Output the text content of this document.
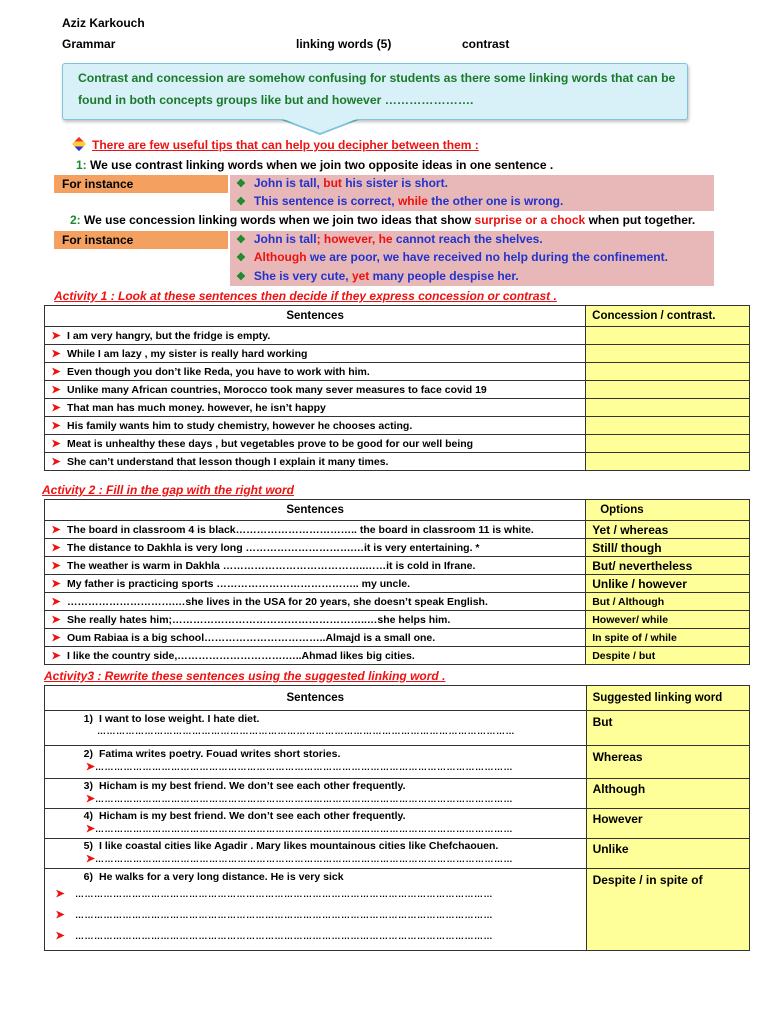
Aziz Karkouch
Grammar	linking words (5)	contrast
Contrast and concession are somehow confusing for students as there some linking words that can be found in both concepts groups like but and however ………………….
There are few useful tips that can help you decipher between them :
1: We use contrast linking words when we join two opposite ideas in one sentence .
For instance	❖ John is tall, but his sister is short.
❖ This sentence is correct, while the other one is wrong.
2: We use concession linking words when we join two ideas that show surprise or a chock when put together.
For instance	❖ John is tall; however, he cannot reach the shelves.
❖ Although we are poor, we have received no help during the confinement.
❖ She is very cute, yet many people despise her.
Activity 1 : Look at these sentences then decide if they express concession or contrast .
Sentences	Concession / contrast.
➤ I am very hangry, but the fridge is empty.	
➤ While I am lazy , my sister is really hard working	
➤ Even though you don’t like Reda, you have to work with him.	
➤ Unlike many African countries, Morocco took many sever measures to face covid 19	
➤ That man has much money. however, he isn’t happy	
➤ His family wants him to study chemistry, however he chooses acting.	
➤ Meat is unhealthy these days , but vegetables prove to be good for our well being	
➤ She can’t understand that lesson though I explain it many times.	
Activity 2 : Fill in the gap with the right word
Sentences	Options
➤ The board in classroom 4 is black…………………………….. the board in classroom 11 is white.	Yet / whereas
➤ The distance to Dakhla is very long ………………………….…it is very entertaining. *	Still/ though
➤ The weather is warm in Dakhla …………………………………..……it is cold in Ifrane.	But/ nevertheless
➤ My father is practicing sports ………………………………….. my uncle.	Unlike / however
➤ ………………………….…she lives in the USA for 20 years, she doesn’t speak English.	But / Although
➤ She really hates him;………………………………………………..…she helps him.	However/ while
➤ Oum Rabiaa is a big school……………………………..Almajd is a small one.	In spite of / while
➤ I like the country side,………………………….…..Ahmad likes big cities.	Despite / but
Activity3 : Rewrite these sentences using the suggested linking word .
Sentences	Suggested linking word

1) I want to lose weight. I hate diet.
……………………………………………………………………………………………………………………	But

2) Fatima writes poetry. Fouad writes short stories.
➤……………………………………………………………………………………………………………………	Whereas

3) Hicham is my best friend. We don’t see each other frequently.
➤……………………………………………………………………………………………………………………	Although

4) Hicham is my best friend. We don’t see each other frequently.
➤……………………………………………………………………………………………………………………	However

5) I like coastal cities like Agadir . Mary likes mountainous cities like Chefchaouen.
➤……………………………………………………………………………………………………………………	Unlike

6) He walks for a very long distance. He is very sick
➤ ……………………………………………………………………………………………………………………
➤ ……………………………………………………………………………………………………………………
➤ ……………………………………………………………………………………………………………………	Despite / in spite of
